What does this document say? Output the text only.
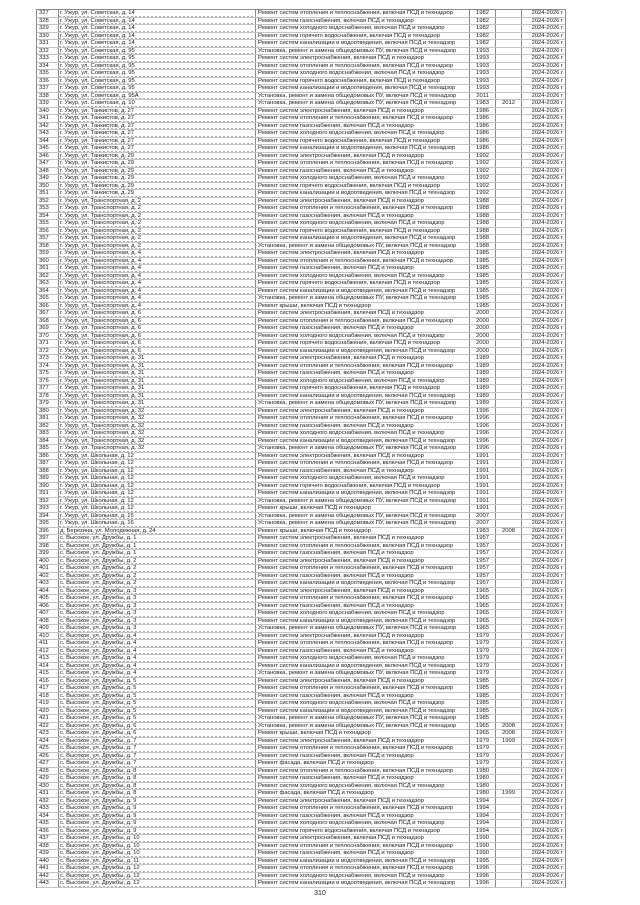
327	г. Ужур, ул. Советская, д. 14	Ремонт систем отопления и теплоснабжения, включая ПСД и технадзор	1982	2024-2026 г
328	г. Ужур, ул. Советская, д. 14	Ремонт систем газоснабжения, включая ПСД и технадзор	1982	2024-2026 г
329	г. Ужур, ул. Советская, д. 14	Ремонт систем холодного водоснабжения, включая ПСД и технадзор	1982	2024-2026 г
330	г. Ужур, ул. Советская, д. 14	Ремонт систем горячего водоснабжения, включая ПСД и технадзор	1982	2024-2026 г
331	г. Ужур, ул. Советская, д. 14	Ремонт систем канализации и водоотведения, включая ПСД и технадзор	1982	2024-2026 г
332	г. Ужур, ул. Советская, д. 95	Установка, ремонт и замена общедомовых ПУ, включая ПСД и технадзор	1993	2024-2026 г
333	г. Ужур, ул. Советская, д. 95	Ремонт систем электроснабжения, включая ПСД и технадзор	1993	2024-2026 г
334	г. Ужур, ул. Советская, д. 95	Ремонт систем отопления и теплоснабжения, включая ПСД и технадзор	1993	2024-2026 г
335	г. Ужур, ул. Советская, д. 95	Ремонт систем холодного водоснабжения, включая ПСД и технадзор	1993	2024-2026 г
336	г. Ужур, ул. Советская, д. 95	Ремонт систем горячего водоснабжения, включая ПСД и технадзор	1993	2024-2026 г
337	г. Ужур, ул. Советская, д. 95	Ремонт систем канализации и водоотведения, включая ПСД и технадзор	1993	2024-2026 г
338	г. Ужур, ул. Советская, д. 95А	Установка, ремонт и замена общедомовых ПУ, включая ПСД и технадзор	2011	2024-2026 г
339	г. Ужур, ул. Советская, д. 10	Установка, ремонт и замена общедомовых ПУ, включая ПСД и технадзор	1983	2012	2024-2026 г
340	г. Ужур, ул. Танкистов, д. 27	Ремонт систем электроснабжения, включая ПСД и технадзор	1986	2024-2026 г
341	г. Ужур, ул. Танкистов, д. 27	Ремонт систем отопления и теплоснабжения, включая ПСД и технадзор	1986	2024-2026 г
342	г. Ужур, ул. Танкистов, д. 27	Ремонт систем газоснабжения, включая ПСД и технадзор	1986	2024-2026 г
343	г. Ужур, ул. Танкистов, д. 27	Ремонт систем холодного водоснабжения, включая ПСД и технадзор	1986	2024-2026 г
344	г. Ужур, ул. Танкистов, д. 27	Ремонт систем горячего водоснабжения, включая ПСД и технадзор	1986	2024-2026 г
345	г. Ужур, ул. Танкистов, д. 27	Ремонт систем канализации и водоотведения, включая ПСД и технадзор	1986	2024-2026 г
346	г. Ужур, ул. Танкистов, д. 29	Ремонт систем электроснабжения, включая ПСД и технадзор	1992	2024-2026 г
347	г. Ужур, ул. Танкистов, д. 29	Ремонт систем отопления и теплоснабжения, включая ПСД и технадзор	1992	2024-2026 г
348	г. Ужур, ул. Танкистов, д. 29	Ремонт систем газоснабжения, включая ПСД и технадзор	1992	2024-2026 г
349	г. Ужур, ул. Танкистов, д. 29	Ремонт систем холодного водоснабжения, включая ПСД и технадзор	1992	2024-2026 г
350	г. Ужур, ул. Танкистов, д. 29	Ремонт систем горячего водоснабжения, включая ПСД и технадзор	1992	2024-2026 г
351	г. Ужур, ул. Танкистов, д. 29	Ремонт систем канализации и водоотведения, включая ПСД и технадзор	1992	2024-2026 г
352	г. Ужур, ул. Транспортная, д. 2	Ремонт систем электроснабжения, включая ПСД и технадзор	1988	2024-2026 г
353	г. Ужур, ул. Транспортная, д. 2	Ремонт систем отопления и теплоснабжения, включая ПСД и технадзор	1988	2024-2026 г
354	г. Ужур, ул. Транспортная, д. 2	Ремонт систем газоснабжения, включая ПСД и технадзор	1988	2024-2026 г
355	г. Ужур, ул. Транспортная, д. 2	Ремонт систем холодного водоснабжения, включая ПСД и технадзор	1988	2024-2026 г
356	г. Ужур, ул. Транспортная, д. 2	Ремонт систем горячего водоснабжения, включая ПСД и технадзор	1988	2024-2026 г
357	г. Ужур, ул. Транспортная, д. 2	Ремонт систем канализации и водоотведения, включая ПСД и технадзор	1988	2024-2026 г
358	г. Ужур, ул. Транспортная, д. 2	Установка, ремонт и замена общедомовых ПУ, включая ПСД и технадзор	1988	2024-2026 г
359	г. Ужур, ул. Транспортная, д. 4	Ремонт систем электроснабжения, включая ПСД и технадзор	1985	2024-2026 г
360	г. Ужур, ул. Транспортная, д. 4	Ремонт систем отопления и теплоснабжения, включая ПСД и технадзор	1985	2024-2026 г
361	г. Ужур, ул. Транспортная, д. 4	Ремонт систем газоснабжения, включая ПСД и технадзор	1985	2024-2026 г
362	г. Ужур, ул. Транспортная, д. 4	Ремонт систем холодного водоснабжения, включая ПСД и технадзор	1985	2024-2026 г
363	г. Ужур, ул. Транспортная, д. 4	Ремонт систем горячего водоснабжения, включая ПСД и технадзор	1985	2024-2026 г
364	г. Ужур, ул. Транспортная, д. 4	Ремонт систем канализации и водоотведения, включая ПСД и технадзор	1985	2024-2026 г
365	г. Ужур, ул. Транспортная, д. 4	Установка, ремонт и замена общедомовых ПУ, включая ПСД и технадзор	1985	2024-2026 г
366	г. Ужур, ул. Транспортная, д. 4	Ремонт крыши, включая ПСД и технадзор	1985	2024-2026 г
367	г. Ужур, ул. Транспортная, д. 6	Ремонт систем электроснабжения, включая ПСД и технадзор	2000	2024-2026 г
368	г. Ужур, ул. Транспортная, д. 6	Ремонт систем отопления и теплоснабжения, включая ПСД и технадзор	2000	2024-2026 г
369	г. Ужур, ул. Транспортная, д. 6	Ремонт систем газоснабжения, включая ПСД и технадзор	2000	2024-2026 г
370	г. Ужур, ул. Транспортная, д. 6	Ремонт систем холодного водоснабжения, включая ПСД и технадзор	2000	2024-2026 г
371	г. Ужур, ул. Транспортная, д. 6	Ремонт систем горячего водоснабжения, включая ПСД и технадзор	2000	2024-2026 г
372	г. Ужур, ул. Транспортная, д. 6	Ремонт систем канализации и водоотведения, включая ПСД и технадзор	2000	2024-2026 г
373	г. Ужур, ул. Транспортная, д. 31	Ремонт систем электроснабжения, включая ПСД и технадзор	1989	2024-2026 г
374	г. Ужур, ул. Транспортная, д. 31	Ремонт систем отопления и теплоснабжения, включая ПСД и технадзор	1989	2024-2026 г
375	г. Ужур, ул. Транспортная, д. 31	Ремонт систем газоснабжения, включая ПСД и технадзор	1989	2024-2026 г
376	г. Ужур, ул. Транспортная, д. 31	Ремонт систем холодного водоснабжения, включая ПСД и технадзор	1989	2024-2026 г
377	г. Ужур, ул. Транспортная, д. 31	Ремонт систем горячего водоснабжения, включая ПСД и технадзор	1989	2024-2026 г
378	г. Ужур, ул. Транспортная, д. 31	Ремонт систем канализации и водоотведения, включая ПСД и технадзор	1989	2024-2026 г
379	г. Ужур, ул. Транспортная, д. 31	Установка, ремонт и замена общедомовых ПУ, включая ПСД и технадзор	1989	2024-2026 г
380	г. Ужур, ул. Транспортная, д. 32	Ремонт систем электроснабжения, включая ПСД и технадзор	1996	2024-2026 г
381	г. Ужур, ул. Транспортная, д. 32	Ремонт систем отопления и теплоснабжения, включая ПСД и технадзор	1996	2024-2026 г
382	г. Ужур, ул. Транспортная, д. 32	Ремонт систем газоснабжения, включая ПСД и технадзор	1996	2024-2026 г
383	г. Ужур, ул. Транспортная, д. 32	Ремонт систем холодного водоснабжения, включая ПСД и технадзор	1996	2024-2026 г
384	г. Ужур, ул. Транспортная, д. 32	Ремонт систем канализации и водоотведения, включая ПСД и технадзор	1996	2024-2026 г
385	г. Ужур, ул. Транспортная, д. 32	Установка, ремонт и замена общедомовых ПУ, включая ПСД и технадзор	1996	2024-2026 г
386	г. Ужур, ул. Школьная, д. 12	Ремонт систем электроснабжения, включая ПСД и технадзор	1991	2024-2026 г
387	г. Ужур, ул. Школьная, д. 12	Ремонт систем отопления и теплоснабжения, включая ПСД и технадзор	1991	2024-2026 г
388	г. Ужур, ул. Школьная, д. 12	Ремонт систем газоснабжения, включая ПСД и технадзор	1991	2024-2026 г
389	г. Ужур, ул. Школьная, д. 12	Ремонт систем холодного водоснабжения, включая ПСД и технадзор	1991	2024-2026 г
390	г. Ужур, ул. Школьная, д. 12	Ремонт систем горячего водоснабжения, включая ПСД и технадзор	1991	2024-2026 г
391	г. Ужур, ул. Школьная, д. 12	Ремонт систем канализации и водоотведения, включая ПСД и технадзор	1991	2024-2026 г
392	г. Ужур, ул. Школьная, д. 12	Установка, ремонт и замена общедомовых ПУ, включая ПСД и технадзор	1991	2024-2026 г
393	г. Ужур, ул. Школьная, д. 12	Ремонт крыши, включая ПСД и технадзор	1991	2024-2026 г
394	г. Ужур, ул. Школьная, д. 15	Установка, ремонт и замена общедомовых ПУ, включая ПСД и технадзор	2007	2024-2026 г
395	г. Ужур, ул. Школьная, д. 16	Установка, ремонт и замена общедомовых ПУ, включая ПСД и технадзор	2007	2024-2026 г
396	д. Березина, ул. Молодежная, д. 24	Ремонт крыши, включая ПСД и технадзор	1983	2008	2024-2026 г
397	с. Высокое, ул. Дружбы, д. 1	Ремонт систем электроснабжения, включая ПСД и технадзор	1957	2024-2026 г
398	с. Высокое, ул. Дружбы, д. 1	Ремонт систем отопления и теплоснабжения, включая ПСД и технадзор	1957	2024-2026 г
399	с. Высокое, ул. Дружбы, д. 1	Ремонт систем газоснабжения, включая ПСД и технадзор	1957	2024-2026 г
400	с. Высокое, ул. Дружбы, д. 2	Ремонт систем электроснабжения, включая ПСД и технадзор	1957	2024-2026 г
401	с. Высокое, ул. Дружбы, д. 2	Ремонт систем отопления и теплоснабжения, включая ПСД и технадзор	1957	2024-2026 г
402	с. Высокое, ул. Дружбы, д. 2	Ремонт систем газоснабжения, включая ПСД и технадзор	1957	2024-2026 г
403	с. Высокое, ул. Дружбы, д. 2	Ремонт систем канализации и водоотведения, включая ПСД и технадзор	1957	2024-2026 г
404	с. Высокое, ул. Дружбы, д. 3	Ремонт систем электроснабжения, включая ПСД и технадзор	1965	2024-2026 г
405	с. Высокое, ул. Дружбы, д. 3	Ремонт систем отопления и теплоснабжения, включая ПСД и технадзор	1965	2024-2026 г
406	с. Высокое, ул. Дружбы, д. 3	Ремонт систем газоснабжения, включая ПСД и технадзор	1965	2024-2026 г
407	с. Высокое, ул. Дружбы, д. 3	Ремонт систем холодного водоснабжения, включая ПСД и технадзор	1965	2024-2026 г
408	с. Высокое, ул. Дружбы, д. 3	Ремонт систем канализации и водоотведения, включая ПСД и технадзор	1965	2024-2026 г
409	с. Высокое, ул. Дружбы, д. 3	Установка, ремонт и замена общедомовых ПУ, включая ПСД и технадзор	1965	2024-2026 г
410	с. Высокое, ул. Дружбы, д. 4	Ремонт систем электроснабжения, включая ПСД и технадзор	1979	2024-2026 г
411	с. Высокое, ул. Дружбы, д. 4	Ремонт систем отопления и теплоснабжения, включая ПСД и технадзор	1979	2024-2026 г
412	с. Высокое, ул. Дружбы, д. 4	Ремонт систем газоснабжения, включая ПСД и технадзор	1979	2024-2026 г
413	с. Высокое, ул. Дружбы, д. 4	Ремонт систем холодного водоснабжения, включая ПСД и технадзор	1979	2024-2026 г
414	с. Высокое, ул. Дружбы, д. 4	Ремонт систем канализации и водоотведения, включая ПСД и технадзор	1979	2024-2026 г
415	с. Высокое, ул. Дружбы, д. 4	Установка, ремонт и замена общедомовых ПУ, включая ПСД и технадзор	1979	2024-2026 г
416	с. Высокое, ул. Дружбы, д. 5	Ремонт систем электроснабжения, включая ПСД и технадзор	1985	2024-2026 г
417	с. Высокое, ул. Дружбы, д. 5	Ремонт систем отопления и теплоснабжения, включая ПСД и технадзор	1985	2024-2026 г
418	с. Высокое, ул. Дружбы, д. 5	Ремонт систем газоснабжения, включая ПСД и технадзор	1985	2024-2026 г
419	с. Высокое, ул. Дружбы, д. 5	Ремонт систем холодного водоснабжения, включая ПСД и технадзор	1985	2024-2026 г
420	с. Высокое, ул. Дружбы, д. 5	Ремонт систем канализации и водоотведения, включая ПСД и технадзор	1985	2024-2026 г
421	с. Высокое, ул. Дружбы, д. 5	Установка, ремонт и замена общедомовых ПУ, включая ПСД и технадзор	1985	2024-2026 г
422	с. Высокое, ул. Дружбы, д. 6	Установка, ремонт и замена общедомовых ПУ, включая ПСД и технадзор	1965	2008	2024-2026 г
423	с. Высокое, ул. Дружбы, д. 6	Ремонт крыши, включая ПСД и технадзор	1965	2008	2024-2026 г
424	с. Высокое, ул. Дружбы, д. 7	Ремонт систем электроснабжения, включая ПСД и технадзор	1979	1999	2024-2026 г
425	с. Высокое, ул. Дружбы, д. 7	Ремонт систем отопления и теплоснабжения, включая ПСД и технадзор	1979	2024-2026 г
426	с. Высокое, ул. Дружбы, д. 7	Ремонт систем газоснабжения, включая ПСД и технадзор	1979	2024-2026 г
427	с. Высокое, ул. Дружбы, д. 7	Ремонт фасада, включая ПСД и технадзор	1979	2024-2026 г
428	с. Высокое, ул. Дружбы, д. 8	Ремонт систем отопления и теплоснабжения, включая ПСД и технадзор	1980	2024-2026 г
429	с. Высокое, ул. Дружбы, д. 8	Ремонт систем газоснабжения, включая ПСД и технадзор	1980	2024-2026 г
430	с. Высокое, ул. Дружбы, д. 8	Ремонт систем холодного водоснабжения, включая ПСД и технадзор	1980	2024-2026 г
431	с. Высокое, ул. Дружбы, д. 8	Ремонт фасада, включая ПСД и технадзор	1980	1999	2024-2026 г
432	с. Высокое, ул. Дружбы, д. 9	Ремонт систем электроснабжения, включая ПСД и технадзор	1994	2024-2026 г
433	с. Высокое, ул. Дружбы, д. 9	Ремонт систем отопления и теплоснабжения, включая ПСД и технадзор	1994	2024-2026 г
434	с. Высокое, ул. Дружбы, д. 9	Ремонт систем газоснабжения, включая ПСД и технадзор	1994	2024-2026 г
435	с. Высокое, ул. Дружбы, д. 9	Ремонт систем холодного водоснабжения, включая ПСД и технадзор	1994	2024-2026 г
436	с. Высокое, ул. Дружбы, д. 9	Ремонт систем горячего водоснабжения, включая ПСД и технадзор	1994	2024-2026 г
437	с. Высокое, ул. Дружбы, д. 10	Ремонт систем электроснабжения, включая ПСД и технадзор	1990	2024-2026 г
438	с. Высокое, ул. Дружбы, д. 10	Ремонт систем отопления и теплоснабжения, включая ПСД и технадзор	1990	2024-2026 г
439	с. Высокое, ул. Дружбы, д. 10	Ремонт систем газоснабжения, включая ПСД и технадзор	1990	2024-2026 г
440	с. Высокое, ул. Дружбы, д. 11	Ремонт систем канализации и водоотведения, включая ПСД и технадзор	1995	2024-2026 г
441	с. Высокое, ул. Дружбы, д. 12	Ремонт систем отопления и теплоснабжения, включая ПСД и технадзор	1996	2024-2026 г
442	с. Высокое, ул. Дружбы, д. 12	Ремонт систем холодного водоснабжения, включая ПСД и технадзор	1996	2024-2026 г
443	с. Высокое, ул. Дружбы, д. 12	Ремонт систем канализации и водоотведения, включая ПСД и технадзор	1996	2024-2026 г
310
